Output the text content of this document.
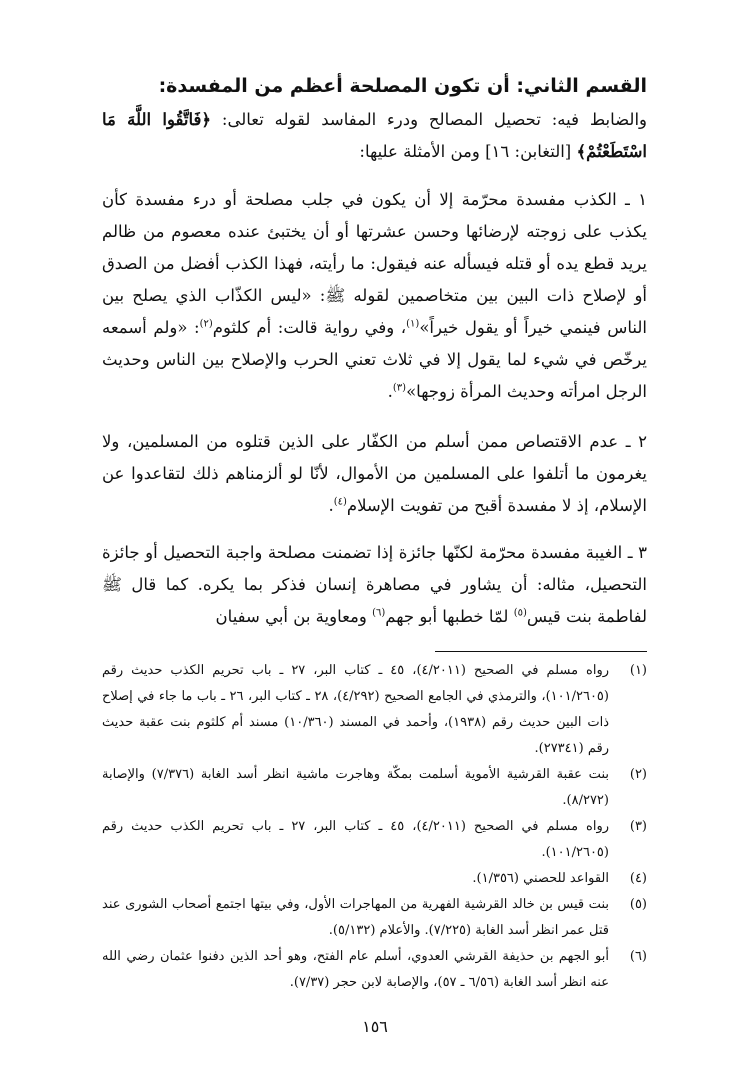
القسم الثاني: أن تكون المصلحة أعظم من المفسدة:

والضابط فيه: تحصيل المصالح ودرء المفاسد لقوله تعالى: ﴿فَاتَّقُوا اللَّهَ مَا اسْتَطَعْتُمْ﴾ [التغابن: ١٦] ومن الأمثلة عليها:

١ ـ الكذب مفسدة محرّمة إلا أن يكون في جلب مصلحة أو درء مفسدة كأن يكذب على زوجته لإرضائها وحسن عشرتها أو أن يختبئ عنده معصوم من ظالم يريد قطع يده أو قتله فيسأله عنه فيقول: ما رأيته، فهذا الكذب أفضل من الصدق أو لإصلاح ذات البين بين متخاصمين لقوله ﷺ: «ليس الكذّاب الذي يصلح بين الناس فينمي خيراً أو يقول خيراً»$^{(١)}$، وفي رواية قالت: أم كلثوم$^{(٢)}$: «ولم أسمعه يرخّص في شيء لما يقول إلا في ثلاث تعني الحرب والإصلاح بين الناس وحديث الرجل امرأته وحديث المرأة زوجها»$^{(٣)}$.

٢ ـ عدم الاقتصاص ممن أسلم من الكفّار على الذين قتلوه من المسلمين، ولا يغرمون ما أتلفوا على المسلمين من الأموال، لأنّا لو ألزمناهم ذلك لتقاعدوا عن الإسلام، إذ لا مفسدة أقبح من تفويت الإسلام$^{(٤)}$.

٣ ـ الغيبة مفسدة محرّمة لكنّها جائزة إذا تضمنت مصلحة واجبة التحصيل أو جائزة التحصيل، مثاله: أن يشاور في مصاهرة إنسان فذكر بما يكره. كما قال ﷺ لفاطمة بنت قيس$^{(٥)}$ لمّا خطبها أبو جهم$^{(٦)}$ ومعاوية بن أبي سفيان

(١)
رواه مسلم في الصحيح (٤/٢٠١١)، ٤٥ ـ كتاب البر، ٢٧ ـ باب تحريم الكذب حديث رقم (١٠١/٢٦٠٥)، والترمذي في الجامع الصحيح (٤/٢٩٢)، ٢٨ ـ كتاب البر، ٢٦ ـ باب ما جاء في إصلاح ذات البين حديث رقم (١٩٣٨)، وأحمد في المسند (١٠/٣٦٠) مسند أم كلثوم بنت عقبة حديث رقم (٢٧٣٤١).
(٢)
بنت عقبة القرشية الأموية أسلمت بمكّة وهاجرت ماشية انظر أسد الغابة (٧/٣٧٦) والإصابة (٨/٢٧٢).
(٣)
رواه مسلم في الصحيح (٤/٢٠١١)، ٤٥ ـ كتاب البر، ٢٧ ـ باب تحريم الكذب حديث رقم (١٠١/٢٦٠٥).
(٤)
القواعد للحصني (١/٣٥٦).
(٥)
بنت قيس بن خالد القرشية الفهرية من المهاجرات الأول، وفي بيتها اجتمع أصحاب الشورى عند قتل عمر انظر أسد الغابة (٧/٢٢٥). والأعلام (٥/١٣٢).
(٦)
أبو الجهم بن حذيفة القرشي العدوي، أسلم عام الفتح، وهو أحد الذين دفنوا عثمان رضي الله عنه انظر أسد الغابة (٦/٥٦ ـ ٥٧)، والإصابة لابن حجر (٧/٣٧).
١٥٦
